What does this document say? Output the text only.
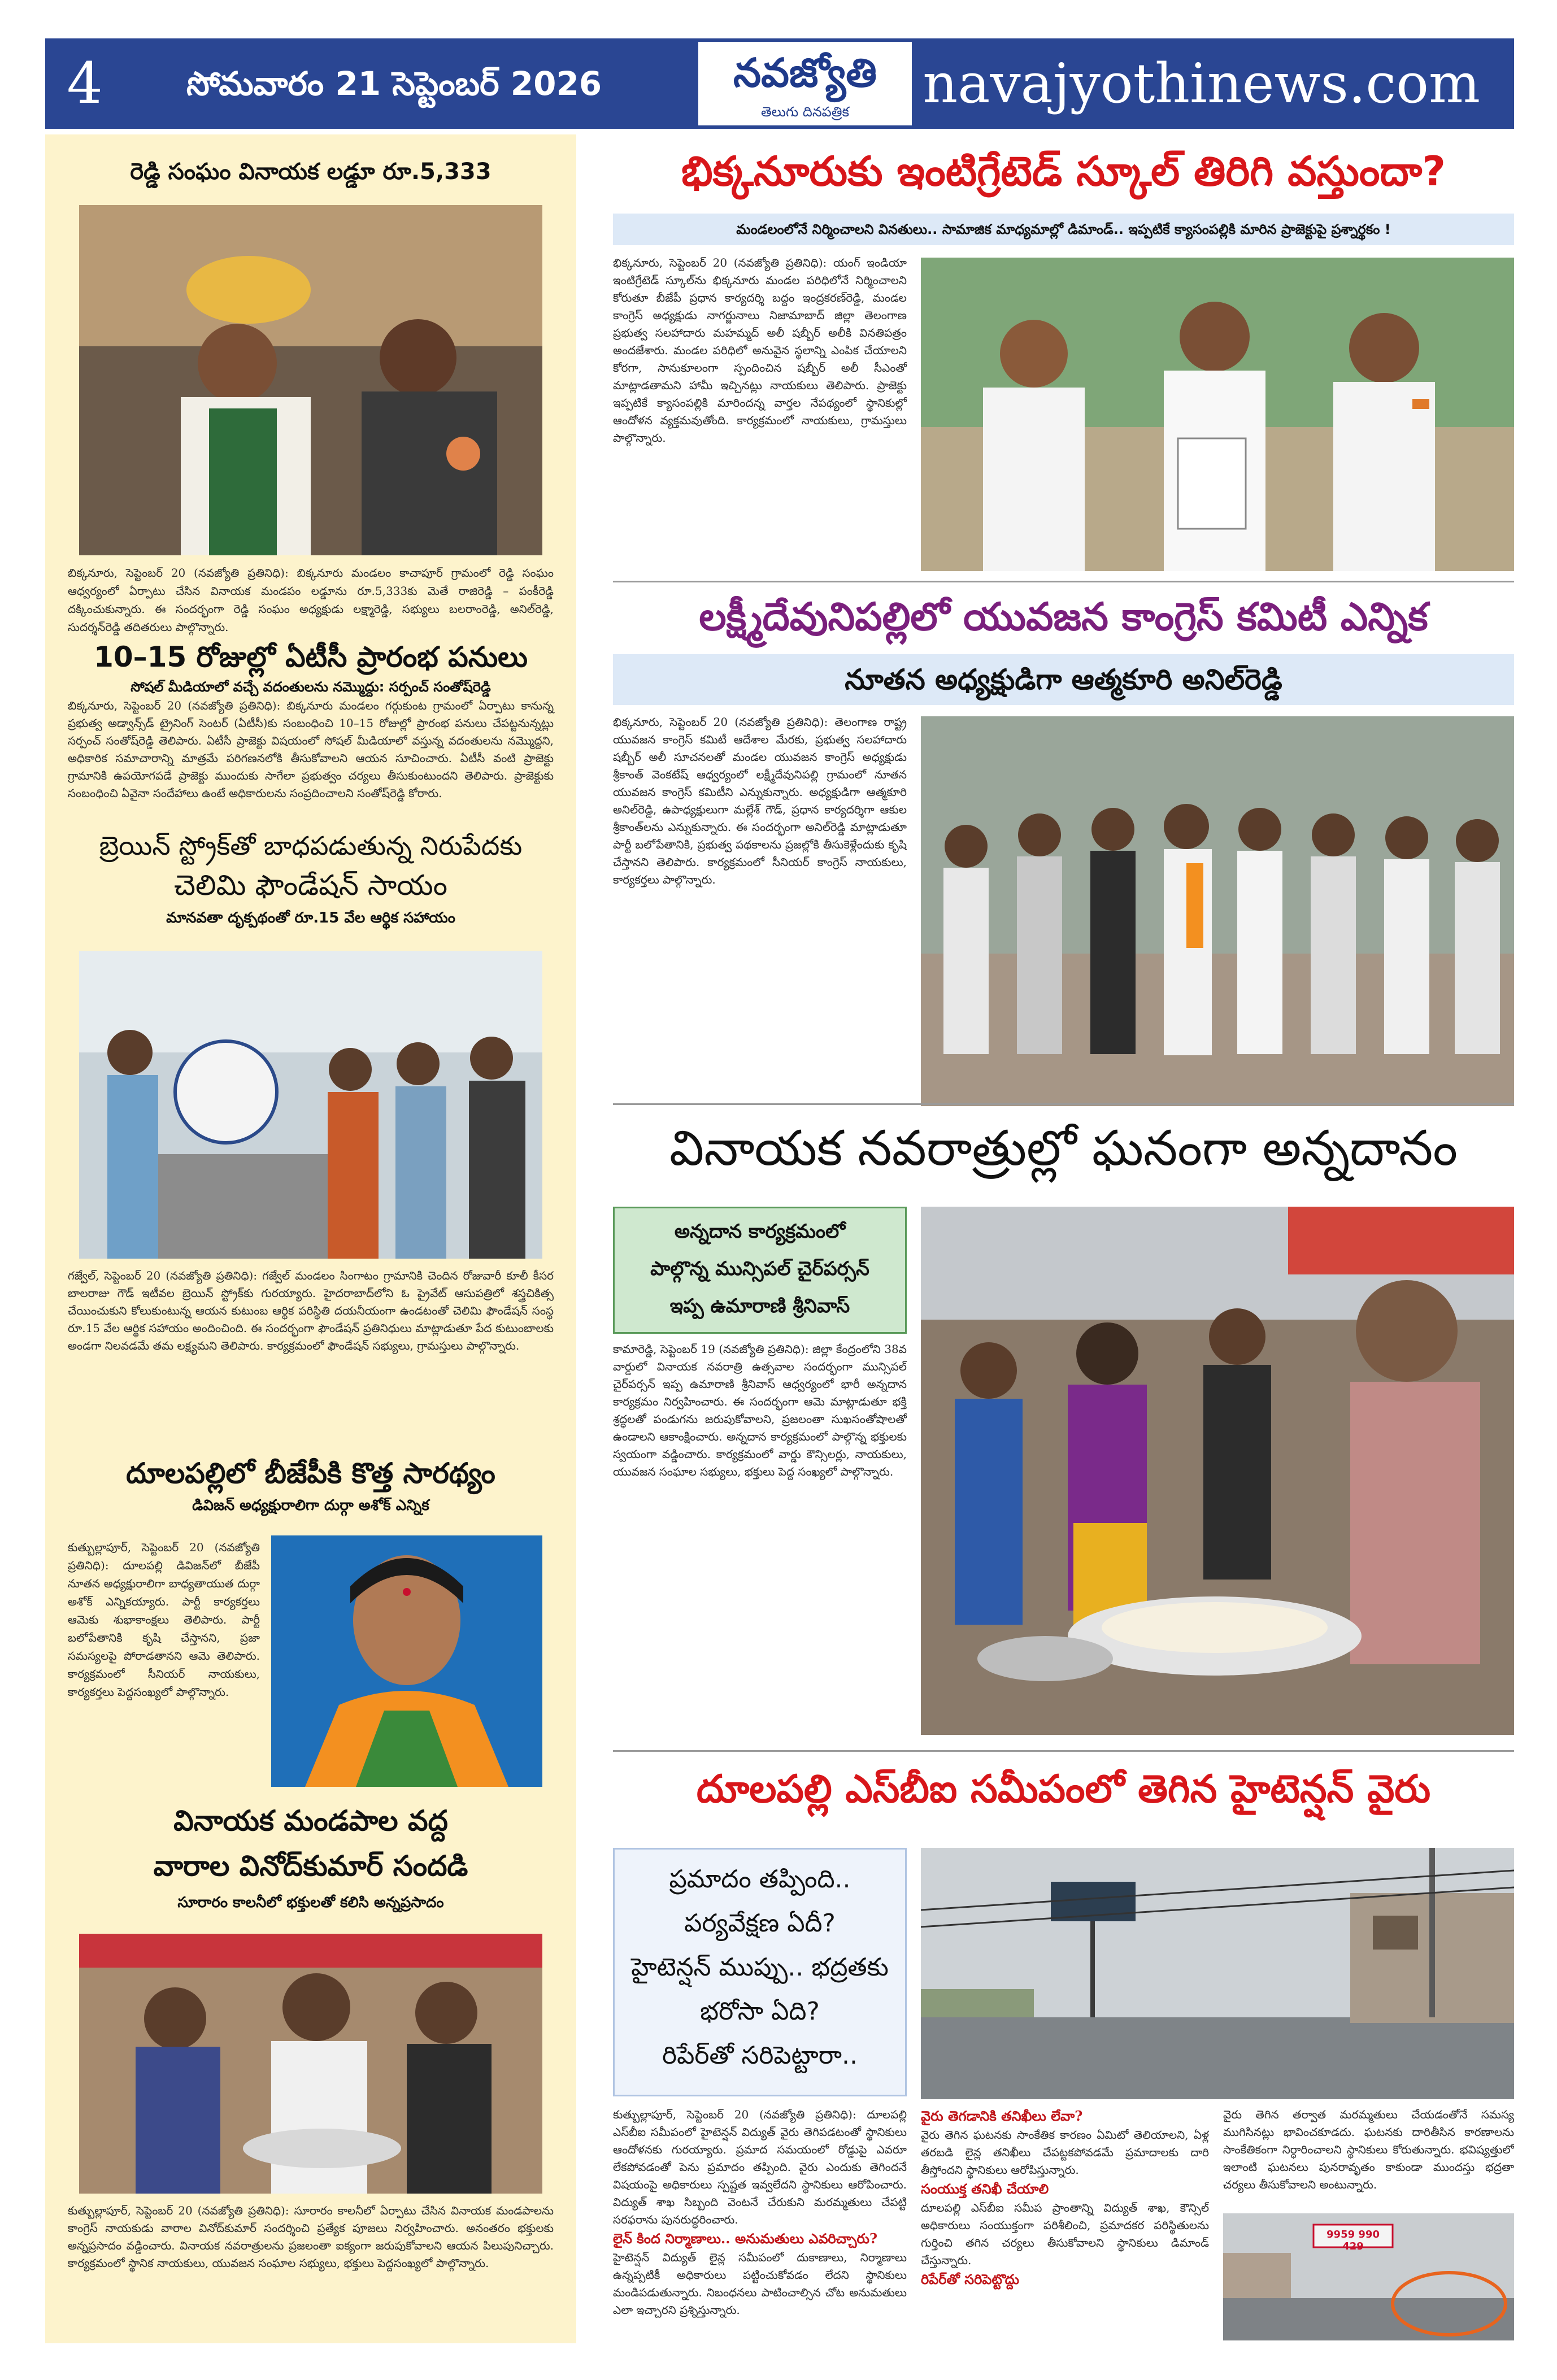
4	సోమవారం 21 సెప్టెంబర్ 2026	నవజ్యోతి
తెలుగు దినపత్రిక	navajyothinews.com
రెడ్డి సంఘం వినాయక లడ్డూ రూ.5,333
బిక్కనూరు, సెప్టెంబర్ 20 (నవజ్యోతి ప్రతినిధి): బిక్కనూరు మండలం కాచాపూర్ గ్రామంలో రెడ్డి సంఘం ఆధ్వర్యంలో ఏర్పాటు చేసిన వినాయక మండపం లడ్డూను రూ.5,333కు మెతే రాజిరెడ్డి – పంకీరెడ్డి దక్కించుకున్నారు. ఈ సందర్భంగా రెడ్డి సంఘం అధ్యక్షుడు లక్ష్మారెడ్డి, సభ్యులు బలరాంరెడ్డి, అనిల్‌రెడ్డి, సుదర్శన్‌రెడ్డి తదితరులు పాల్గొన్నారు.
10–15 రోజుల్లో ఏటీసీ ప్రారంభ పనులు
సోషల్ మీడియాలో వచ్చే వదంతులను నమ్మొద్దు: సర్పంచ్ సంతోష్‌రెడ్డి
బిక్కనూరు, సెప్టెంబర్ 20 (నవజ్యోతి ప్రతినిధి): బిక్కనూరు మండలం గర్గుకుంట గ్రామంలో ఏర్పాటు కానున్న ప్రభుత్వ అడ్వాన్స్‌డ్ ట్రైనింగ్ సెంటర్ (ఏటీసీ)కు సంబంధించి 10–15 రోజుల్లో ప్రారంభ పనులు చేపట్టనున్నట్లు సర్పంచ్ సంతోష్‌రెడ్డి తెలిపారు. ఏటీసీ ప్రాజెక్టు విషయంలో సోషల్ మీడియాలో వస్తున్న వదంతులను నమ్మొద్దని, అధికారిక సమాచారాన్ని మాత్రమే పరిగణనలోకి తీసుకోవాలని ఆయన సూచించారు. ఏటీసీ వంటి ప్రాజెక్టు గ్రామానికి ఉపయోగపడే ప్రాజెక్టు ముందుకు సాగేలా ప్రభుత్వం చర్యలు తీసుకుంటుందని తెలిపారు. ప్రాజెక్టుకు సంబంధించి ఏవైనా సందేహాలు ఉంటే అధికారులను సంప్రదించాలని సంతోష్‌రెడ్డి కోరారు.
బ్రెయిన్ స్ట్రోక్‌తో బాధపడుతున్న నిరుపేదకు
చెలిమి ఫౌండేషన్ సాయం
మానవతా దృక్పథంతో రూ.15 వేల ఆర్థిక సహాయం
గజ్వేల్, సెప్టెంబర్ 20 (నవజ్యోతి ప్రతినిధి): గజ్వేల్ మండలం సింగాటం గ్రామానికి చెందిన రోజువారీ కూలీ కీసర బాలరాజు గౌడ్ ఇటీవల బ్రెయిన్ స్ట్రోక్‌కు గురయ్యారు. హైదరాబాద్‌లోని ఓ ప్రైవేట్ ఆసుపత్రిలో శస్త్రచికిత్స చేయించుకుని కోలుకుంటున్న ఆయన కుటుంబ ఆర్థిక పరిస్థితి దయనీయంగా ఉండటంతో చెలిమి ఫౌండేషన్ సంస్థ రూ.15 వేల ఆర్థిక సహాయం అందించింది. ఈ సందర్భంగా ఫౌండేషన్ ప్రతినిధులు మాట్లాడుతూ పేద కుటుంబాలకు అండగా నిలవడమే తమ లక్ష్యమని తెలిపారు. కార్యక్రమంలో ఫౌండేషన్ సభ్యులు, గ్రామస్తులు పాల్గొన్నారు.
దూలపల్లిలో బీజేపీకి కొత్త సారథ్యం
డివిజన్ అధ్యక్షురాలిగా దుర్గా అశోక్ ఎన్నిక
కుత్బుల్లాపూర్, సెప్టెంబర్ 20 (నవజ్యోతి ప్రతినిధి): దూలపల్లి డివిజన్‌లో బీజేపీ నూతన అధ్యక్షురాలిగా బాధ్యతాయుత దుర్గా అశోక్ ఎన్నికయ్యారు. పార్టీ కార్యకర్తలు ఆమెకు శుభాకాంక్షలు తెలిపారు. పార్టీ బలోపేతానికి కృషి చేస్తానని, ప్రజా సమస్యలపై పోరాడతానని ఆమె తెలిపారు. కార్యక్రమంలో సీనియర్ నాయకులు, కార్యకర్తలు పెద్దసంఖ్యలో పాల్గొన్నారు.
వినాయక మండపాల వద్ద
వారాల వినోద్‌కుమార్ సందడి
సూరారం కాలనీలో భక్తులతో కలిసి అన్నప్రసాదం
కుత్బుల్లాపూర్, సెప్టెంబర్ 20 (నవజ్యోతి ప్రతినిధి): సూరారం కాలనీలో ఏర్పాటు చేసిన వినాయక మండపాలను కాంగ్రెస్ నాయకుడు వారాల వినోద్‌కుమార్ సందర్శించి ప్రత్యేక పూజలు నిర్వహించారు. అనంతరం భక్తులకు అన్నప్రసాదం వడ్డించారు. వినాయక నవరాత్రులను ప్రజలంతా ఐక్యంగా జరుపుకోవాలని ఆయన పిలుపునిచ్చారు. కార్యక్రమంలో స్థానిక నాయకులు, యువజన సంఘాల సభ్యులు, భక్తులు పెద్దసంఖ్యలో పాల్గొన్నారు.
భిక్కనూరుకు ఇంటిగ్రేటెడ్ స్కూల్ తిరిగి వస్తుందా?
మండలంలోనే నిర్మించాలని వినతులు.. సామాజిక మాధ్యమాల్లో డిమాండ్.. ఇప్పటికే క్యాసంపల్లికి మారిన ప్రాజెక్టుపై ప్రశ్నార్థకం !
భిక్కనూరు, సెప్టెంబర్ 20 (నవజ్యోతి ప్రతినిధి): యంగ్ ఇండియా ఇంటిగ్రేటెడ్ స్కూల్‌ను భిక్కనూరు మండల పరిధిలోనే నిర్మించాలని కోరుతూ బీజేపీ ప్రధాన కార్యదర్శి బద్దం ఇంద్రకరణ్‌రెడ్డి, మండల కాంగ్రెస్ అధ్యక్షుడు నాగర్జునాలు నిజామాబాద్ జిల్లా తెలంగాణ ప్రభుత్వ సలహాదారు మహమ్మద్ అలీ షబ్బీర్ అలీకి వినతిపత్రం అందజేశారు. మండల పరిధిలో అనువైన స్థలాన్ని ఎంపిక చేయాలని కోరగా, సానుకూలంగా స్పందించిన షబ్బీర్ అలీ సీఎంతో మాట్లాడతామని హామీ ఇచ్చినట్లు నాయకులు తెలిపారు. ప్రాజెక్టు ఇప్పటికే క్యాసంపల్లికి మారిందన్న వార్తల నేపథ్యంలో స్థానికుల్లో ఆందోళన వ్యక్తమవుతోంది. కార్యక్రమంలో నాయకులు, గ్రామస్తులు పాల్గొన్నారు.
లక్ష్మీదేవునిపల్లిలో యువజన కాంగ్రెస్ కమిటీ ఎన్నిక
నూతన అధ్యక్షుడిగా ఆత్మకూరి అనిల్‌రెడ్డి
భిక్కనూరు, సెప్టెంబర్ 20 (నవజ్యోతి ప్రతినిధి): తెలంగాణ రాష్ట్ర యువజన కాంగ్రెస్ కమిటీ ఆదేశాల మేరకు, ప్రభుత్వ సలహాదారు షబ్బీర్ అలీ సూచనలతో మండల యువజన కాంగ్రెస్ అధ్యక్షుడు శ్రీకాంత్ వెంకటేష్ ఆధ్వర్యంలో లక్ష్మీదేవునిపల్లి గ్రామంలో నూతన యువజన కాంగ్రెస్ కమిటీని ఎన్నుకున్నారు. అధ్యక్షుడిగా ఆత్మకూరి అనిల్‌రెడ్డి, ఉపాధ్యక్షులుగా మల్లేశ్ గౌడ్, ప్రధాన కార్యదర్శిగా ఆకుల శ్రీకాంత్‌లను ఎన్నుకున్నారు. ఈ సందర్భంగా అనిల్‌రెడ్డి మాట్లాడుతూ పార్టీ బలోపేతానికి, ప్రభుత్వ పథకాలను ప్రజల్లోకి తీసుకెళ్లేందుకు కృషి చేస్తానని తెలిపారు. కార్యక్రమంలో సీనియర్ కాంగ్రెస్ నాయకులు, కార్యకర్తలు పాల్గొన్నారు.
వినాయక నవరాత్రుల్లో ఘనంగా అన్నదానం
అన్నదాన కార్యక్రమంలో
పాల్గొన్న మున్సిపల్ చైర్‌పర్సన్
ఇప్ప ఉమారాణి శ్రీనివాస్
కామారెడ్డి, సెప్టెంబర్ 19 (నవజ్యోతి ప్రతినిధి): జిల్లా కేంద్రంలోని 38వ వార్డులో వినాయక నవరాత్రి ఉత్సవాల సందర్భంగా మున్సిపల్ చైర్‌పర్సన్ ఇప్ప ఉమారాణి శ్రీనివాస్ ఆధ్వర్యంలో భారీ అన్నదాన కార్యక్రమం నిర్వహించారు. ఈ సందర్భంగా ఆమె మాట్లాడుతూ భక్తి శ్రద్ధలతో పండుగను జరుపుకోవాలని, ప్రజలంతా సుఖసంతోషాలతో ఉండాలని ఆకాంక్షించారు. అన్నదాన కార్యక్రమంలో పాల్గొన్న భక్తులకు స్వయంగా వడ్డించారు. కార్యక్రమంలో వార్డు కౌన్సిలర్లు, నాయకులు, యువజన సంఘాల సభ్యులు, భక్తులు పెద్ద సంఖ్యలో పాల్గొన్నారు.
దూలపల్లి ఎస్‌బీఐ సమీపంలో తెగిన హైటెన్షన్ వైరు
ప్రమాదం తప్పింది..
పర్యవేక్షణ ఏదీ?
హైటెన్షన్ ముప్పు.. భద్రతకు
భరోసా ఏది?
రిపేర్‌తో సరిపెట్టారా..
కుత్బుల్లాపూర్, సెప్టెంబర్ 20 (నవజ్యోతి ప్రతినిధి): దూలపల్లి ఎస్‌బీఐ సమీపంలో హైటెన్షన్ విద్యుత్ వైరు తెగిపడటంతో స్థానికులు ఆందోళనకు గురయ్యారు. ప్రమాద సమయంలో రోడ్డుపై ఎవరూ లేకపోవడంతో పెను ప్రమాదం తప్పింది. వైరు ఎందుకు తెగిందనే విషయంపై అధికారులు స్పష్టత ఇవ్వలేదని స్థానికులు ఆరోపించారు. విద్యుత్ శాఖ సిబ్బంది వెంటనే చేరుకుని మరమ్మతులు చేపట్టి సరఫరాను పునరుద్ధరించారు.
లైన్ కింద నిర్మాణాలు.. అనుమతులు ఎవరిచ్చారు?
హైటెన్షన్ విద్యుత్ లైన్ల సమీపంలో దుకాణాలు, నిర్మాణాలు ఉన్నప్పటికీ అధికారులు పట్టించుకోవడం లేదని స్థానికులు మండిపడుతున్నారు. నిబంధనలు పాటించాల్సిన చోట అనుమతులు ఎలా ఇచ్చారని ప్రశ్నిస్తున్నారు.
వైరు తెగడానికి తనిఖీలు లేవా?
వైరు తెగిన ఘటనకు సాంకేతిక కారణం ఏమిటో తెలియాలని, ఏళ్ల తరబడి లైన్ల తనిఖీలు చేపట్టకపోవడమే ప్రమాదాలకు దారి తీస్తోందని స్థానికులు ఆరోపిస్తున్నారు.
సంయుక్త తనిఖీ చేయాలి
దూలపల్లి ఎస్‌బీఐ సమీప ప్రాంతాన్ని విద్యుత్ శాఖ, కౌన్సిల్ అధికారులు సంయుక్తంగా పరిశీలించి, ప్రమాదకర పరిస్థితులను గుర్తించి తగిన చర్యలు తీసుకోవాలని స్థానికులు డిమాండ్ చేస్తున్నారు.
రిపేర్‌తో సరిపెట్టొద్దు
వైరు తెగిన తర్వాత మరమ్మతులు చేయడంతోనే సమస్య ముగిసినట్లు భావించకూడదు. ఘటనకు దారితీసిన కారణాలను సాంకేతికంగా నిర్ధారించాలని స్థానికులు కోరుతున్నారు. భవిష్యత్తులో ఇలాంటి ఘటనలు పునరావృతం కాకుండా ముందస్తు భద్రతా చర్యలు తీసుకోవాలని అంటున్నారు.
9959 990 429
